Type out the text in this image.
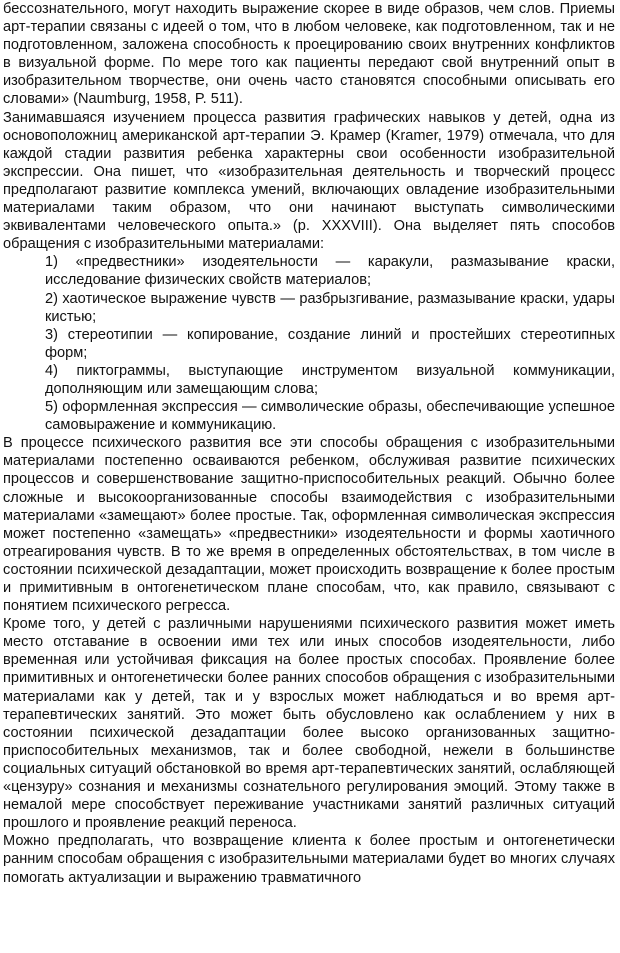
бессознательного, могут находить выражение скорее в виде образов, чем слов. Приемы арт-терапии связаны с идеей о том, что в любом человеке, как подготовленном, так и не подготовленном, заложена способность к проецированию своих внутренних конфликтов в визуальной форме. По мере того как пациенты передают свой внутренний опыт в изобразительном творчестве, они очень часто становятся способными описывать его словами» (Naumburg, 1958, P. 511).

Занимавшаяся изучением процесса развития графических навыков у детей, одна из основоположниц американской арт-терапии Э. Крамер (Kramer, 1979) отмечала, что для каждой стадии развития ребенка характерны свои особенности изобразительной экспрессии. Она пишет, что «изобразительная деятельность и творческий процесс предполагают развитие комплекса умений, включающих овладение изобразительными материалами таким образом, что они начинают выступать символическими эквивалентами человеческого опыта.» (p. XXXVIII). Она выделяет пять способов обращения с изобразительными материалами:

1) «предвестники» изодеятельности — каракули, размазывание краски, исследование физических свойств материалов;
2) хаотическое выражение чувств — разбрызгивание, размазывание краски, удары кистью;
3) стереотипии — копирование, создание линий и простейших стереотипных форм;
4) пиктограммы, выступающие инструментом визуальной коммуникации, дополняющим или замещающим слова;
5) оформленная экспрессия — символические образы, обеспечивающие успешное самовыражение и коммуникацию.

В процессе психического развития все эти способы обращения с изобразительными материалами постепенно осваиваются ребенком, обслуживая развитие психических процессов и совершенствование защитно-приспособительных реакций. Обычно более сложные и высокоорганизованные способы взаимодействия с изобразительными материалами «замещают» более простые. Так, оформленная символическая экспрессия может постепенно «замещать» «предвестники» изодеятельности и формы хаотичного отреагирования чувств. В то же время в определенных обстоятельствах, в том числе в состоянии психической дезадаптации, может происходить возвращение к более простым и примитивным в онтогенетическом плане способам, что, как правило, связывают с понятием психического регресса.

Кроме того, у детей с различными нарушениями психического развития может иметь место отставание в освоении ими тех или иных способов изодеятельности, либо временная или устойчивая фиксация на более простых способах. Проявление более примитивных и онтогенетически более ранних способов обращения с изобразительными материалами как у детей, так и у взрослых может наблюдаться и во время арт-терапевтических занятий. Это может быть обусловлено как ослаблением у них в состоянии психической дезадаптации более высоко организованных защитно-приспособительных механизмов, так и более свободной, нежели в большинстве социальных ситуаций обстановкой во время арт-терапевтических занятий, ослабляющей «цензуру» сознания и механизмы сознательного регулирования эмоций. Этому также в немалой мере способствует переживание участниками занятий различных ситуаций прошлого и проявление реакций переноса.

Можно предполагать, что возвращение клиента к более простым и онтогенетически ранним способам обращения с изобразительными материалами будет во многих случаях помогать актуализации и выражению травматичного
